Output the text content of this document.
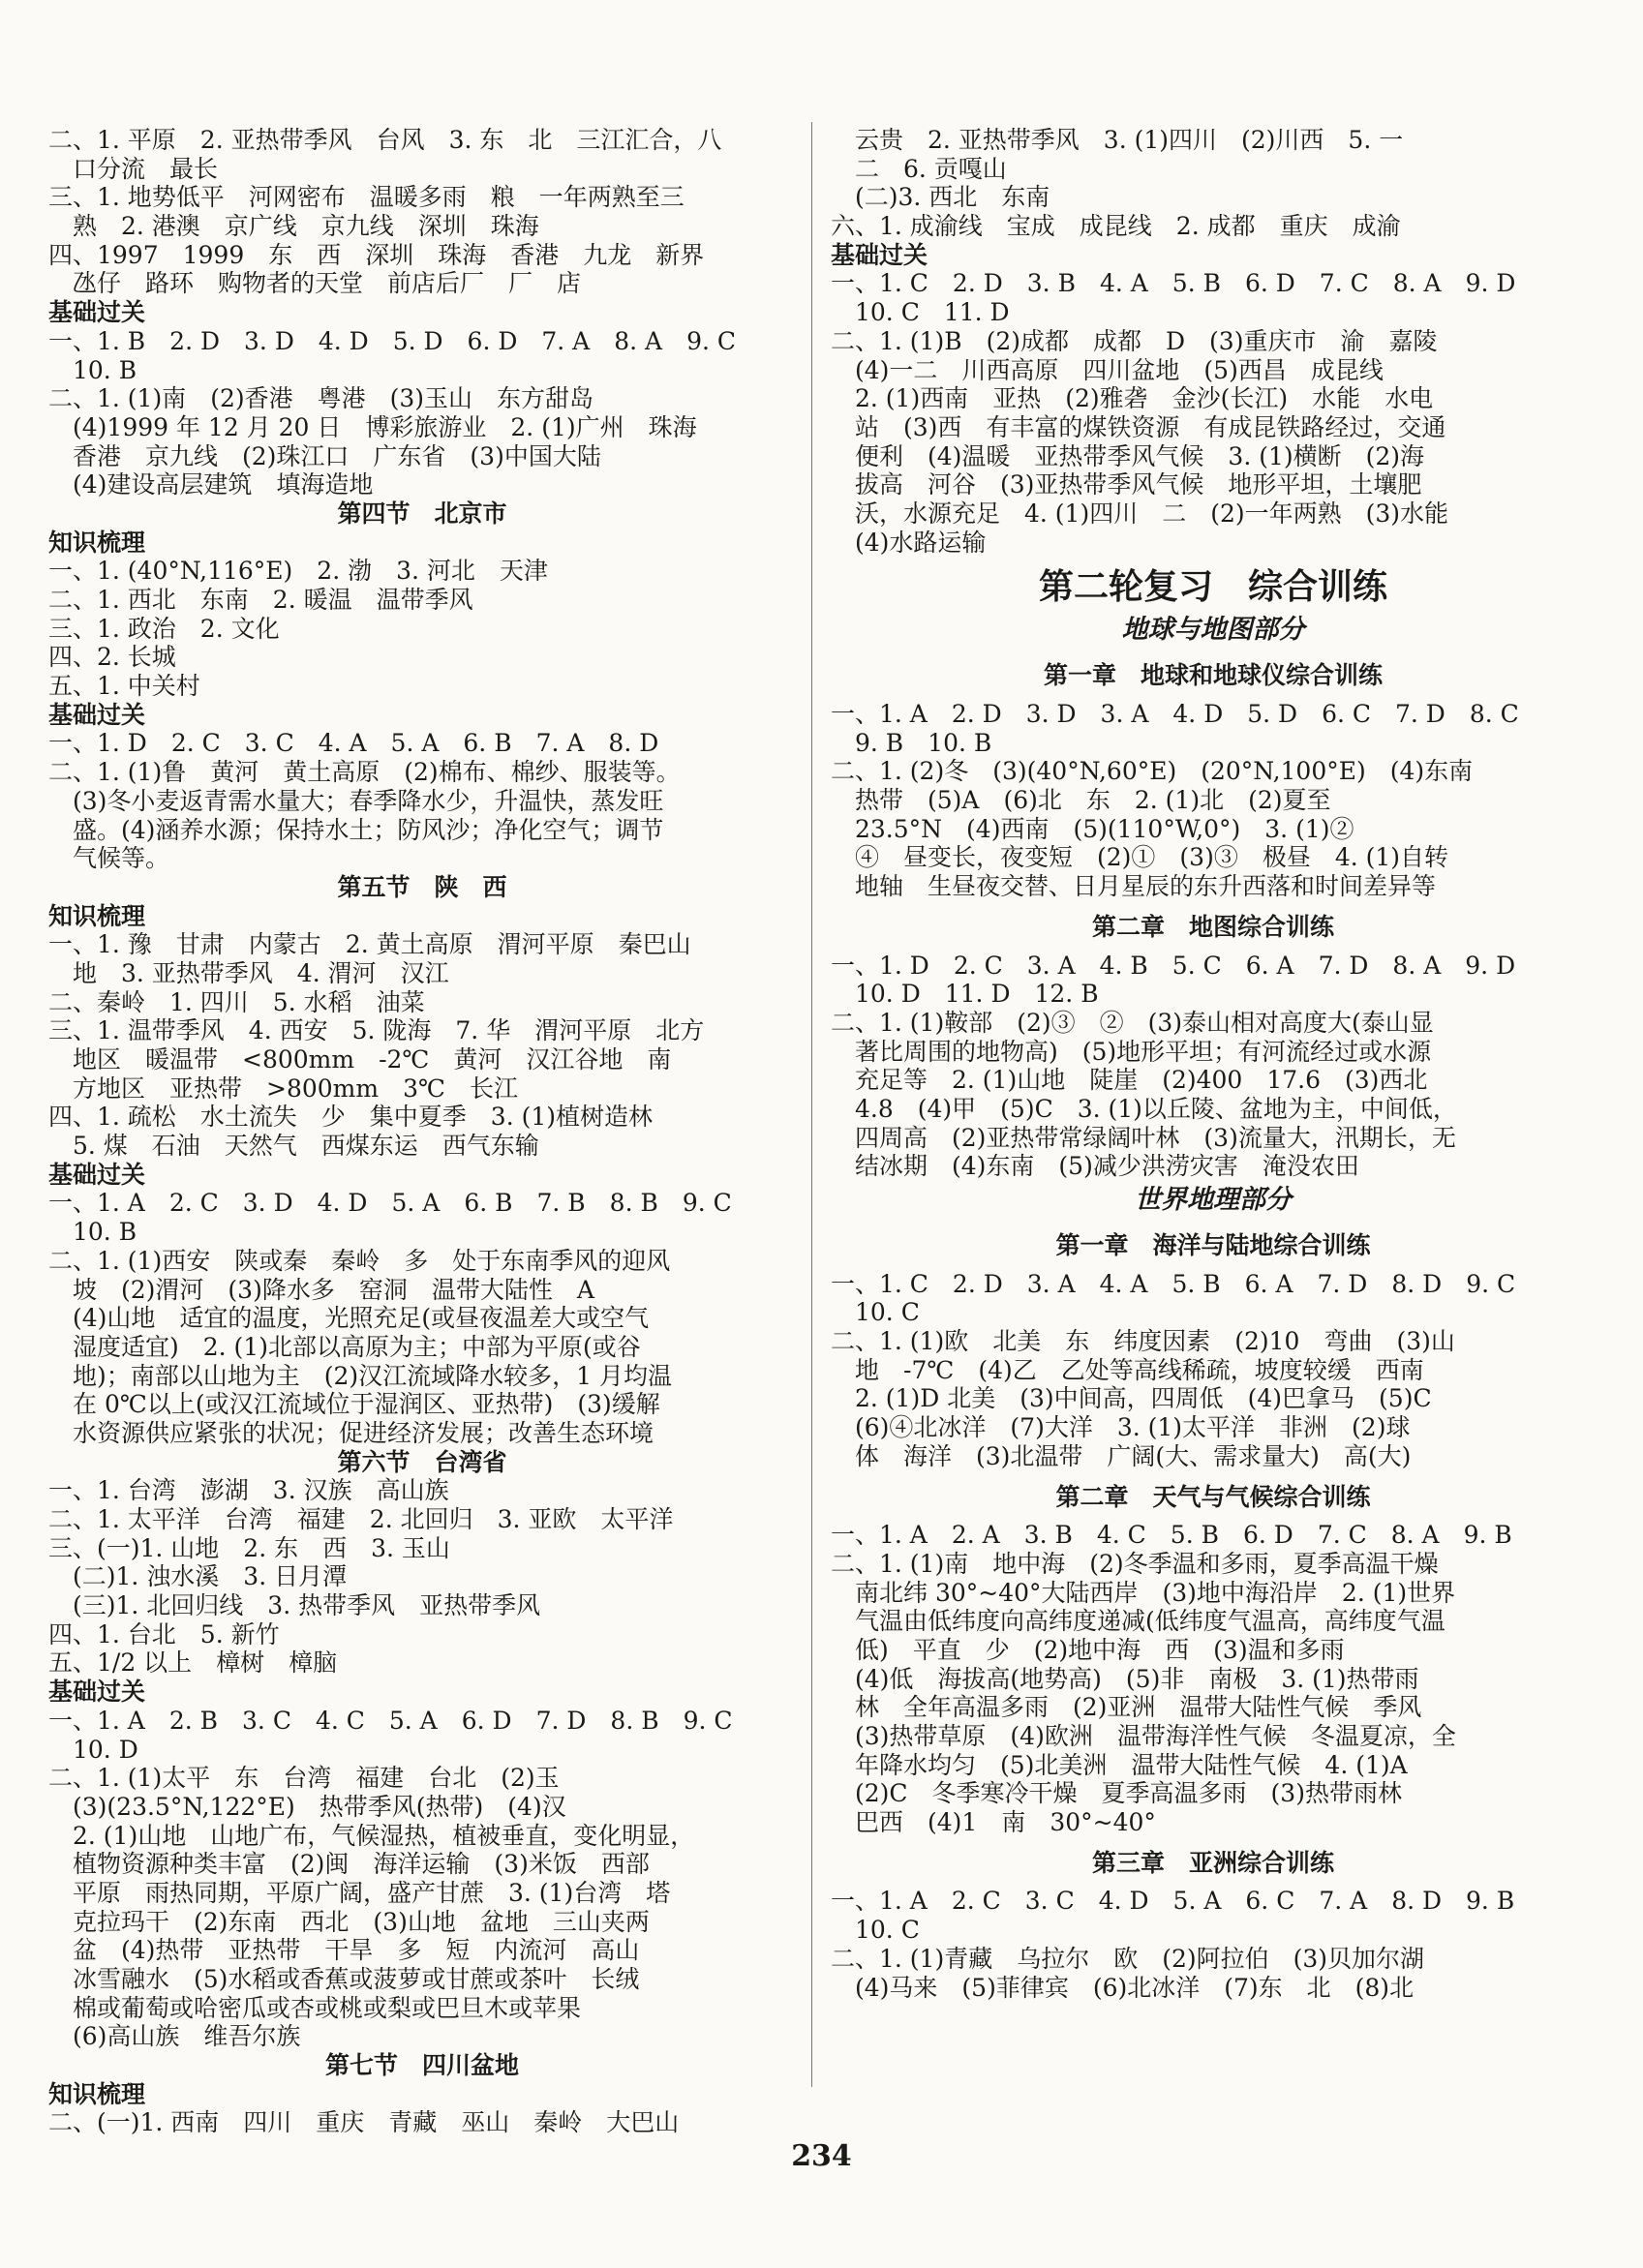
二、1. 平原　2. 亚热带季风　台风　3. 东　北　三江汇合，八
　口分流　最长
三、1. 地势低平　河网密布　温暖多雨　粮　一年两熟至三
　熟　2. 港澳　京广线　京九线　深圳　珠海
四、1997　1999　东　西　深圳　珠海　香港　九龙　新界
　氹仔　路环　购物者的天堂　前店后厂　厂　店
基础过关
一、1. B　2. D　3. D　4. D　5. D　6. D　7. A　8. A　9. C
　10. B
二、1. (1)南　(2)香港　粤港　(3)玉山　东方甜岛
　(4)1999 年 12 月 20 日　博彩旅游业　2. (1)广州　珠海
　香港　京九线　(2)珠江口　广东省　(3)中国大陆
　(4)建设高层建筑　填海造地
第四节　北京市
知识梳理
一、1. (40°N,116°E)　2. 渤　3. 河北　天津
二、1. 西北　东南　2. 暖温　温带季风
三、1. 政治　2. 文化
四、2. 长城
五、1. 中关村
基础过关
一、1. D　2. C　3. C　4. A　5. A　6. B　7. A　8. D
二、1. (1)鲁　黄河　黄土高原　(2)棉布、棉纱、服装等。
　(3)冬小麦返青需水量大；春季降水少，升温快，蒸发旺
　盛。(4)涵养水源；保持水土；防风沙；净化空气；调节
　气候等。
第五节　陕　西
知识梳理
一、1. 豫　甘肃　内蒙古　2. 黄土高原　渭河平原　秦巴山
　地　3. 亚热带季风　4. 渭河　汉江
二、秦岭　1. 四川　5. 水稻　油菜
三、1. 温带季风　4. 西安　5. 陇海　7. 华　渭河平原　北方
　地区　暖温带　<800mm　-2℃　黄河　汉江谷地　南
　方地区　亚热带　>800mm　3℃　长江
四、1. 疏松　水土流失　少　集中夏季　3. (1)植树造林
　5. 煤　石油　天然气　西煤东运　西气东输
基础过关
一、1. A　2. C　3. D　4. D　5. A　6. B　7. B　8. B　9. C
　10. B
二、1. (1)西安　陕或秦　秦岭　多　处于东南季风的迎风
　坡　(2)渭河　(3)降水多　窑洞　温带大陆性　A
　(4)山地　适宜的温度，光照充足(或昼夜温差大或空气
　湿度适宜)　2. (1)北部以高原为主；中部为平原(或谷
　地)；南部以山地为主　(2)汉江流域降水较多，1 月均温
　在 0℃以上(或汉江流域位于湿润区、亚热带)　(3)缓解
　水资源供应紧张的状况；促进经济发展；改善生态环境
第六节　台湾省
一、1. 台湾　澎湖　3. 汉族　高山族
二、1. 太平洋　台湾　福建　2. 北回归　3. 亚欧　太平洋
三、(一)1. 山地　2. 东　西　3. 玉山
　(二)1. 浊水溪　3. 日月潭
　(三)1. 北回归线　3. 热带季风　亚热带季风
四、1. 台北　5. 新竹
五、1/2 以上　樟树　樟脑
基础过关
一、1. A　2. B　3. C　4. C　5. A　6. D　7. D　8. B　9. C
　10. D
二、1. (1)太平　东　台湾　福建　台北　(2)玉
　(3)(23.5°N,122°E)　热带季风(热带)　(4)汉
　2. (1)山地　山地广布，气候湿热，植被垂直，变化明显，
　植物资源种类丰富　(2)闽　海洋运输　(3)米饭　西部
　平原　雨热同期，平原广阔，盛产甘蔗　3. (1)台湾　塔
　克拉玛干　(2)东南　西北　(3)山地　盆地　三山夹两
　盆　(4)热带　亚热带　干旱　多　短　内流河　高山
　冰雪融水　(5)水稻或香蕉或菠萝或甘蔗或茶叶　长绒
　棉或葡萄或哈密瓜或杏或桃或梨或巴旦木或苹果
　(6)高山族　维吾尔族
第七节　四川盆地
知识梳理
二、(一)1. 西南　四川　重庆　青藏　巫山　秦岭　大巴山
　云贵　2. 亚热带季风　3. (1)四川　(2)川西　5. 一
　二　6. 贡嘎山
　(二)3. 西北　东南
六、1. 成渝线　宝成　成昆线　2. 成都　重庆　成渝
基础过关
一、1. C　2. D　3. B　4. A　5. B　6. D　7. C　8. A　9. D
　10. C　11. D
二、1. (1)B　(2)成都　成都　D　(3)重庆市　渝　嘉陵
　(4)一二　川西高原　四川盆地　(5)西昌　成昆线
　2. (1)西南　亚热　(2)雅砻　金沙(长江)　水能　水电
　站　(3)西　有丰富的煤铁资源　有成昆铁路经过，交通
　便利　(4)温暖　亚热带季风气候　3. (1)横断　(2)海
　拔高　河谷　(3)亚热带季风气候　地形平坦，土壤肥
　沃，水源充足　4. (1)四川　二　(2)一年两熟　(3)水能
　(4)水路运输
第二轮复习　综合训练
地球与地图部分
第一章　地球和地球仪综合训练
一、1. A　2. D　3. D　3. A　4. D　5. D　6. C　7. D　8. C
　9. B　10. B
二、1. (2)冬　(3)(40°N,60°E)　(20°N,100°E)　(4)东南
　热带　(5)A　(6)北　东　2. (1)北　(2)夏至
　23.5°N　(4)西南　(5)(110°W,0°)　3. (1)②
　④　昼变长，夜变短　(2)①　(3)③　极昼　4. (1)自转
　地轴　生昼夜交替、日月星辰的东升西落和时间差异等
第二章　地图综合训练
一、1. D　2. C　3. A　4. B　5. C　6. A　7. D　8. A　9. D
　10. D　11. D　12. B
二、1. (1)鞍部　(2)③　②　(3)泰山相对高度大(泰山显
　著比周围的地物高)　(5)地形平坦；有河流经过或水源
　充足等　2. (1)山地　陡崖　(2)400　17.6　(3)西北
　4.8　(4)甲　(5)C　3. (1)以丘陵、盆地为主，中间低，
　四周高　(2)亚热带常绿阔叶林　(3)流量大，汛期长，无
　结冰期　(4)东南　(5)减少洪涝灾害　淹没农田
世界地理部分
第一章　海洋与陆地综合训练
一、1. C　2. D　3. A　4. A　5. B　6. A　7. D　8. D　9. C
　10. C
二、1. (1)欧　北美　东　纬度因素　(2)10　弯曲　(3)山
　地　-7℃　(4)乙　乙处等高线稀疏，坡度较缓　西南
　2. (1)D 北美　(3)中间高，四周低　(4)巴拿马　(5)C
　(6)④北冰洋　(7)大洋　3. (1)太平洋　非洲　(2)球
　体　海洋　(3)北温带　广阔(大、需求量大)　高(大)
第二章　天气与气候综合训练
一、1. A　2. A　3. B　4. C　5. B　6. D　7. C　8. A　9. B
二、1. (1)南　地中海　(2)冬季温和多雨，夏季高温干燥
　南北纬 30°~40°大陆西岸　(3)地中海沿岸　2. (1)世界
　气温由低纬度向高纬度递减(低纬度气温高，高纬度气温
　低)　平直　少　(2)地中海　西　(3)温和多雨
　(4)低　海拔高(地势高)　(5)非　南极　3. (1)热带雨
　林　全年高温多雨　(2)亚洲　温带大陆性气候　季风
　(3)热带草原　(4)欧洲　温带海洋性气候　冬温夏凉，全
　年降水均匀　(5)北美洲　温带大陆性气候　4. (1)A
　(2)C　冬季寒冷干燥　夏季高温多雨　(3)热带雨林
　巴西　(4)1　南　30°~40°
第三章　亚洲综合训练
一、1. A　2. C　3. C　4. D　5. A　6. C　7. A　8. D　9. B
　10. C
二、1. (1)青藏　乌拉尔　欧　(2)阿拉伯　(3)贝加尔湖
　(4)马来　(5)菲律宾　(6)北冰洋　(7)东　北　(8)北
234
